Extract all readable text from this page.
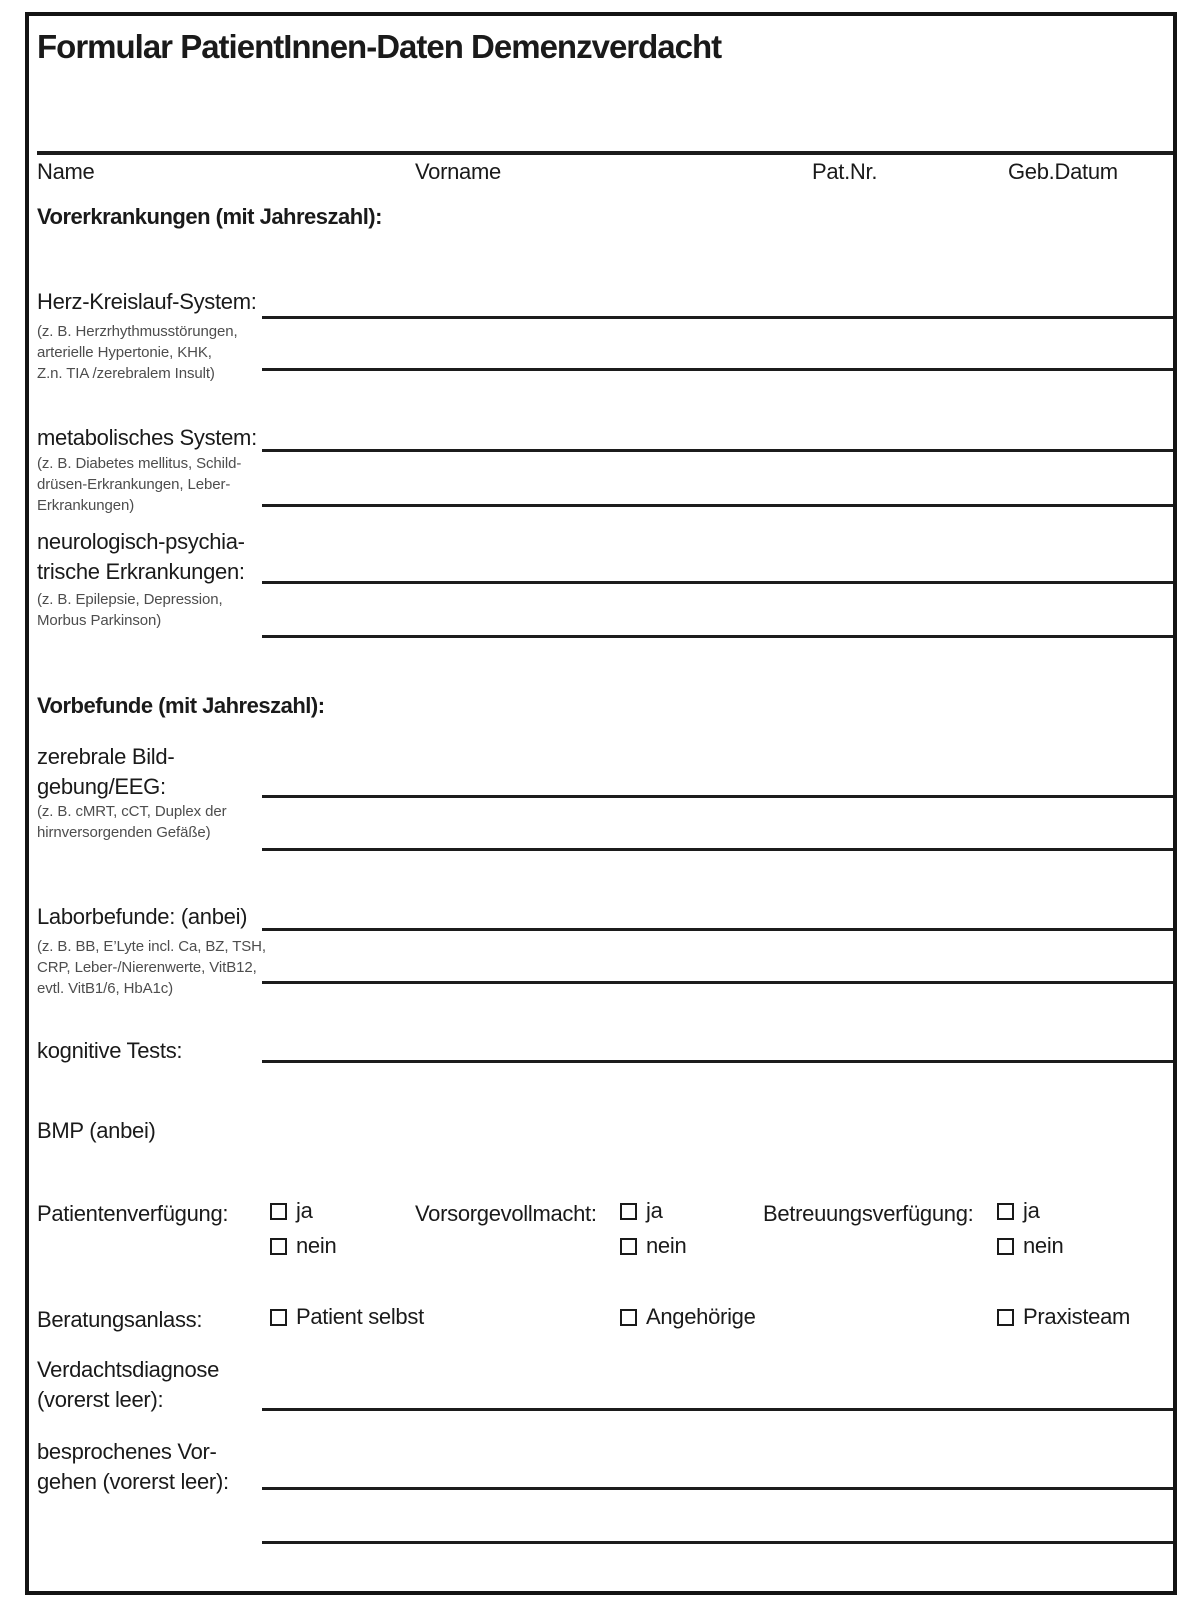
Formular PatientInnen-Daten Demenzverdacht
Name	Vorname	Pat.Nr.	Geb.Datum
Vorerkrankungen (mit Jahreszahl):
Herz-Kreislauf-System:
(z. B. Herzrhythmusstörungen,
arterielle Hypertonie, KHK,
Z.n. TIA /zerebralem Insult)
metabolisches System:
(z. B. Diabetes mellitus, Schild-
drüsen-Erkrankungen, Leber-
Erkrankungen)
neurologisch-psychia-
trische Erkrankungen:
(z. B. Epilepsie, Depression,
Morbus Parkinson)
Vorbefunde (mit Jahreszahl):
zerebrale Bild-
gebung/EEG:
(z. B. cMRT, cCT, Duplex der
hirnversorgenden Gefäße)
Laborbefunde: (anbei)
(z. B. BB, E’Lyte incl. Ca, BZ, TSH,
CRP, Leber-/Nierenwerte, VitB12,
evtl. VitB1/6, HbA1c)
kognitive Tests:
BMP (anbei)
Patientenverfügung:	ja
nein
Vorsorgevollmacht: ja
nein
Betreuungsverfügung: ja
nein
Beratungsanlass:	Patient selbst	Angehörige	Praxisteam
Verdachtsdiagnose
(vorerst leer):
besprochenes Vor-
gehen (vorerst leer):
